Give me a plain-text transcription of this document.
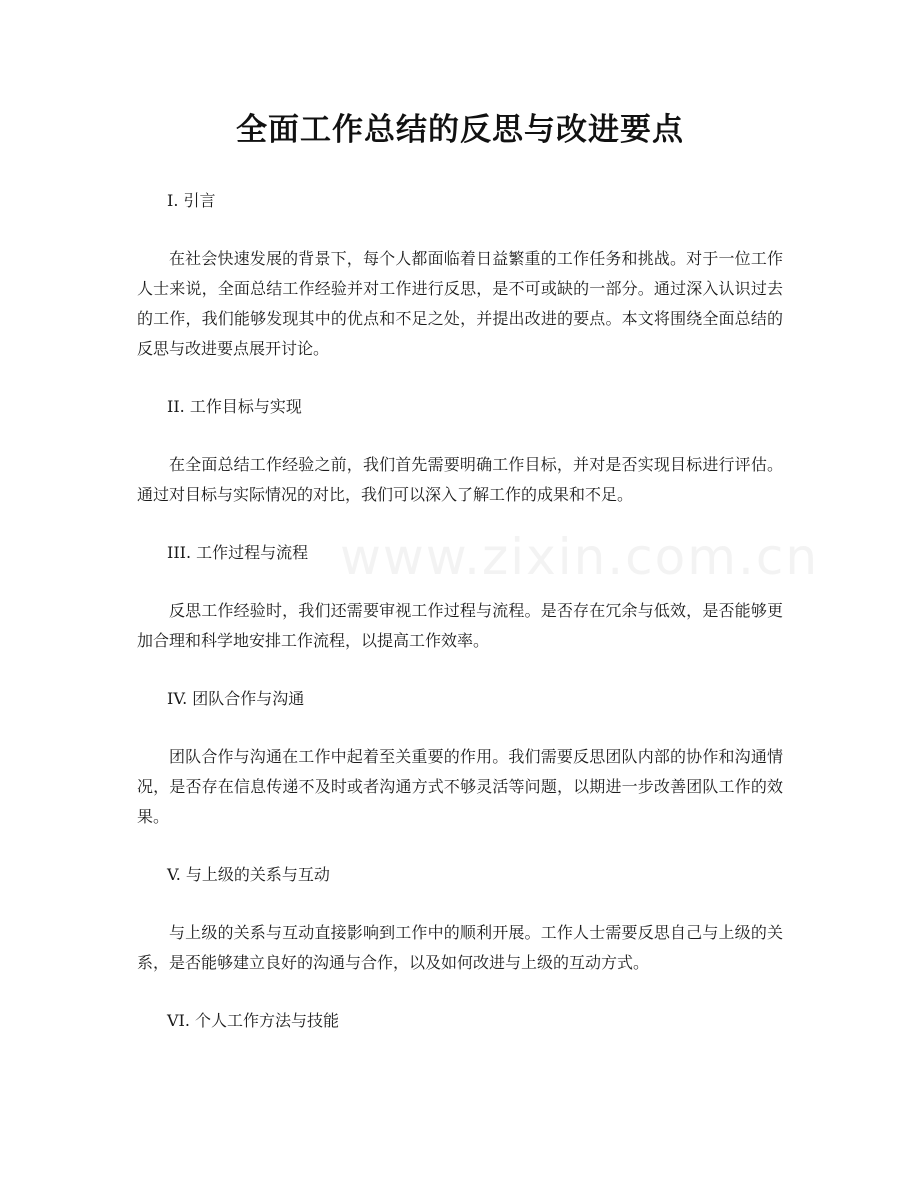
全面工作总结的反思与改进要点
www.zixin.com.cn

I. 引言

在社会快速发展的背景下，每个人都面临着日益繁重的工作任务和挑战。对于一位工作人士来说，全面总结工作经验并对工作进行反思，是不可或缺的一部分。通过深入认识过去的工作，我们能够发现其中的优点和不足之处，并提出改进的要点。本文将围绕全面总结的反思与改进要点展开讨论。

II. 工作目标与实现

在全面总结工作经验之前，我们首先需要明确工作目标，并对是否实现目标进行评估。通过对目标与实际情况的对比，我们可以深入了解工作的成果和不足。

III. 工作过程与流程

反思工作经验时，我们还需要审视工作过程与流程。是否存在冗余与低效，是否能够更加合理和科学地安排工作流程，以提高工作效率。

IV. 团队合作与沟通

团队合作与沟通在工作中起着至关重要的作用。我们需要反思团队内部的协作和沟通情况，是否存在信息传递不及时或者沟通方式不够灵活等问题，以期进一步改善团队工作的效果。

V. 与上级的关系与互动

与上级的关系与互动直接影响到工作中的顺利开展。工作人士需要反思自己与上级的关系，是否能够建立良好的沟通与合作，以及如何改进与上级的互动方式。

VI. 个人工作方法与技能
